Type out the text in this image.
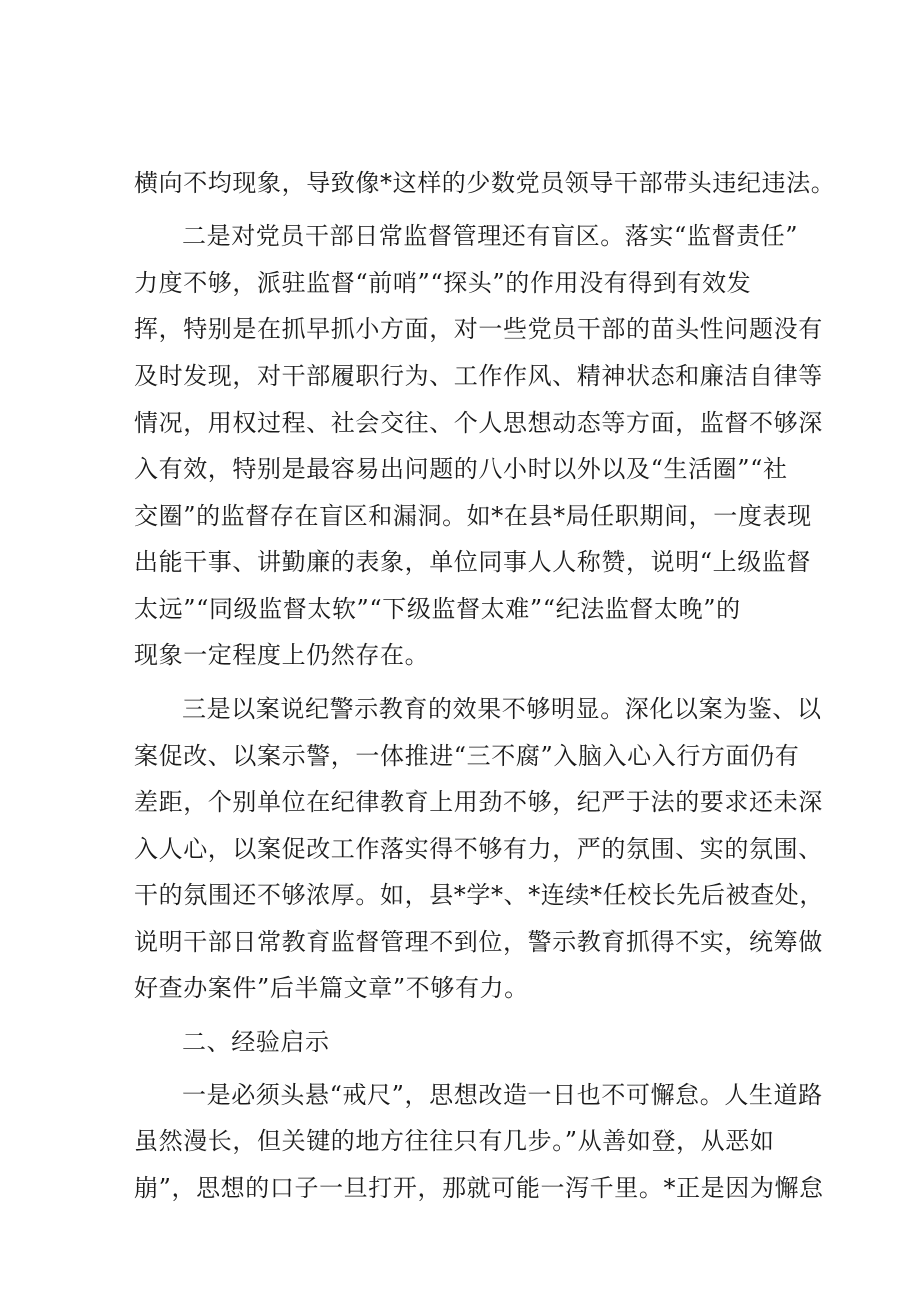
横向不均现象，导致像*这样的少数党员领导干部带头违纪违法。

二是对党员干部日常监督管理还有盲区。落实“监督责任”

力度不够，派驻监督“前哨”“探头”的作用没有得到有效发

挥，特别是在抓早抓小方面，对一些党员干部的苗头性问题没有

及时发现，对干部履职行为、工作作风、精神状态和廉洁自律等

情况，用权过程、社会交往、个人思想动态等方面，监督不够深

入有效，特别是最容易出问题的八小时以外以及“生活圈”“社

交圈”的监督存在盲区和漏洞。如*在县*局任职期间，一度表现

出能干事、讲勤廉的表象，单位同事人人称赞，说明“上级监督

太远”“同级监督太软”“下级监督太难”“纪法监督太晚”的

现象一定程度上仍然存在。

三是以案说纪警示教育的效果不够明显。深化以案为鉴、以

案促改、以案示警，一体推进“三不腐”入脑入心入行方面仍有

差距，个别单位在纪律教育上用劲不够，纪严于法的要求还未深

入人心，以案促改工作落实得不够有力，严的氛围、实的氛围、

干的氛围还不够浓厚。如，县*学*、*连续*任校长先后被查处，

说明干部日常教育监督管理不到位，警示教育抓得不实，统筹做

好查办案件”后半篇文章”不够有力。

二、经验启示

一是必须头悬“戒尺”，思想改造一日也不可懈怠。人生道路

虽然漫长，但关键的地方往往只有几步。”从善如登，从恶如

崩”，思想的口子一旦打开，那就可能一泻千里。*正是因为懈怠
